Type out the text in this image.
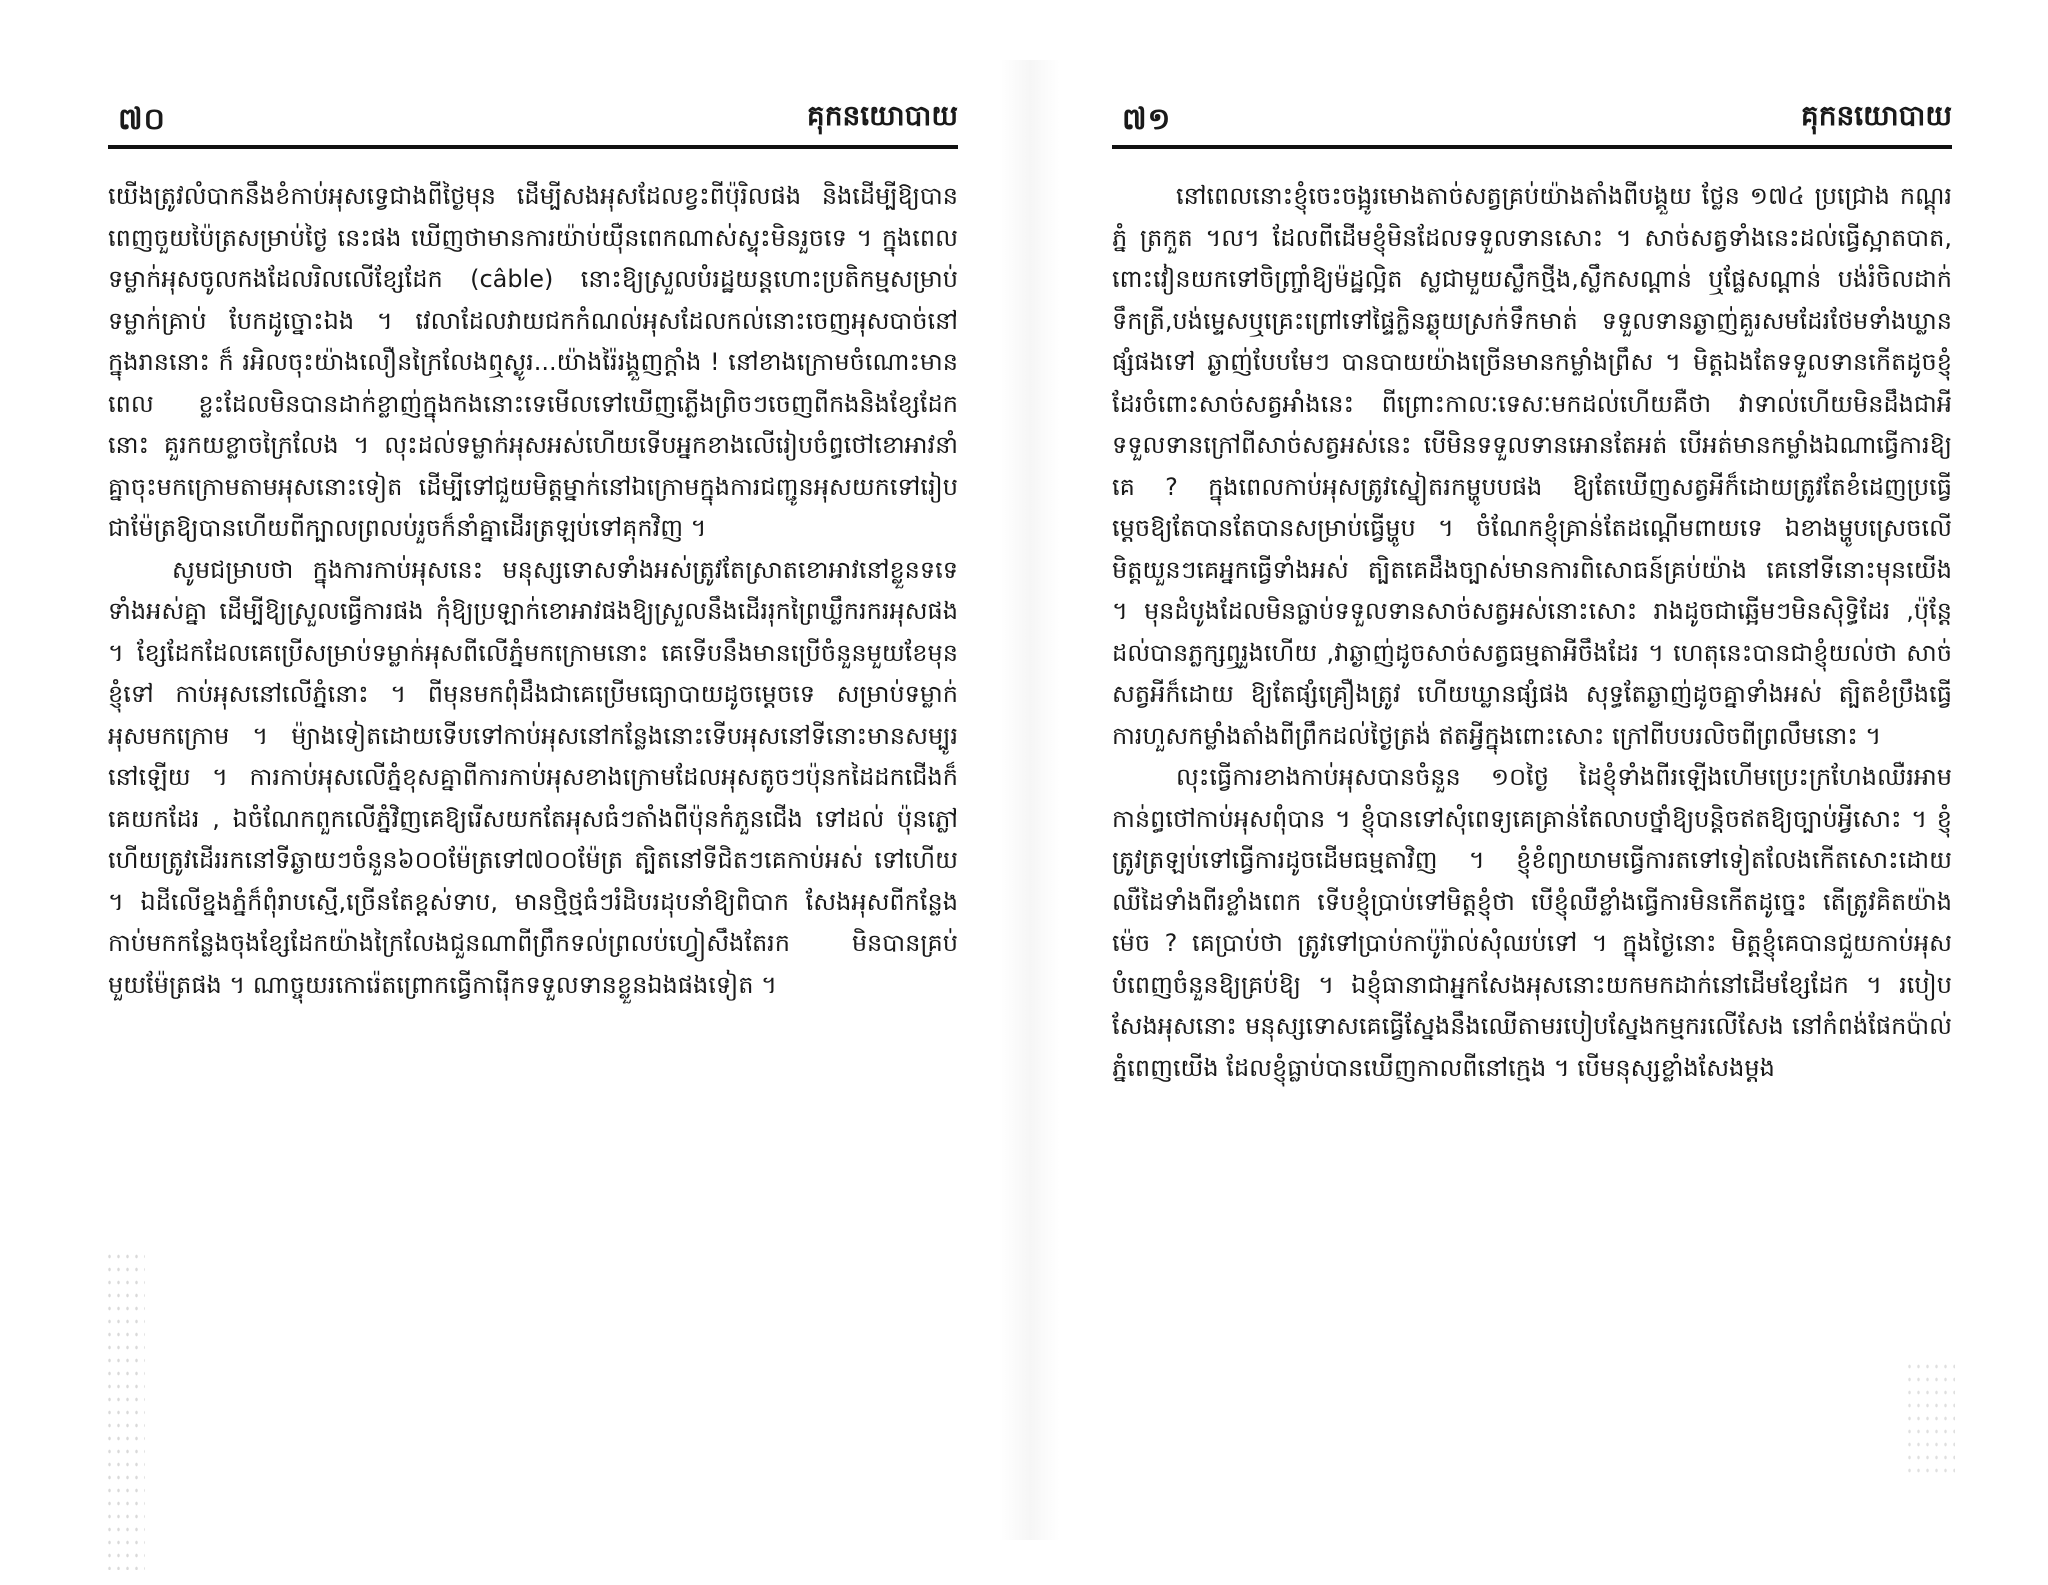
៧០	គុកនយោបាយ

យើងត្រូវលំបាកនឹងខំកាប់អុសទ្វេជាងពីថ្ងៃមុន ដើម្បីសងអុសដែលខ្វះពីប៉ុរិលផង និងដើម្បីឱ្យបានពេញចួយប៉ៃត្រសម្រាប់ថ្ងៃ នេះផង ឃើញថាមានការយ៉ាប់យ៉ឺនពេកណាស់ស្ទុះមិនរួចទេ ។ ក្នុងពេលទម្លាក់អុសចូលកងដែលរិលលើខ្សែដែក (câble) នោះឱ្យស្រួលបំរដ្ឋយន្តហោះប្រតិកម្មសម្រាប់ទម្លាក់គ្រាប់ បែកដូច្នោះឯង ។ វេលាដែលវាយជកកំណល់អុសដែលកល់នោះចេញអុសបាច់នៅក្នុងរាននោះ ក៏ រអិលចុះយ៉ាងលឿនក្រៃលែងឮស្ងូរ...យ៉ាងរ៉ៃរង្គួញក្តាំង ! នៅខាងក្រោមចំណោះមានពេល ខ្លះដែលមិនបានដាក់ខ្លាញ់ក្នុងកងនោះទេមើលទៅឃើញភ្លើងព្រិចៗចេញពីកងនិងខ្សែដែកនោះ គួរកយខ្លាចក្រៃលែង ។ លុះដល់ទម្លាក់អុសអស់ហើយទើបអ្នកខាងលើរៀបចំព្ធថៅខោអាវនាំគ្នាចុះមកក្រោមតាមអុសនោះទៀត ដើម្បីទៅជួយមិត្តម្នាក់នៅឯក្រោមក្នុងការជញ្ជូនអុសយកទៅរៀបជាម៉ែត្រឱ្យបានហើយពីក្បាលព្រលប់រួចក៏នាំគ្នាដើរត្រឡប់ទៅគុកវិញ ។

សូមជម្រាបថា ក្នុងការកាប់អុសនេះ មនុស្សទោសទាំងអស់ត្រូវតែស្រាតខោអាវនៅខ្លួនទទេទាំងអស់គ្នា ដើម្បីឱ្យស្រួលធ្វើការផង កុំឱ្យប្រឡាក់ខោអាវផងឱ្យស្រួលនឹងដើររុកព្រៃឃ្លឹករករអុសផង ។ ខ្សែដែកដែលគេប្រើសម្រាប់ទម្លាក់អុសពីលើភ្នំមកក្រោមនោះ គេទើបនឹងមានប្រើចំនួនមួយខែមុនខ្ញុំទៅ កាប់អុសនៅលើភ្នំនោះ ។ ពីមុនមកពុំដឹងជាគេប្រើមធ្យោបាយដូចម្ដេចទេ សម្រាប់ទម្លាក់អុសមកក្រោម ។ ម៉្យាងទៀតដោយទើបទៅកាប់អុសនៅកន្លែងនោះទើបអុសនៅទីនោះមានសម្បូរនៅឡើយ ។ ការកាប់អុសលើភ្នំខុសគ្នាពីការកាប់អុសខាងក្រោមដែលអុសតូចៗប៉ុនកដៃដកជើងក៏គេយកដែរ , ឯចំណែកពួកលើភ្នំវិញគេឱ្យរើសយកតែអុសធំៗតាំងពីប៉ុនកំភួនជើង ទៅដល់ ប៉ុនភ្លៅហើយត្រូវដើររកនៅទីឆ្ងាយៗចំនួន៦០០ម៉ែត្រទៅ៧០០ម៉ែត្រ ត្បិតនៅទីជិតៗគេកាប់អស់ ទៅហើយ ។ ឯដីលើខ្នងភ្នំក៏ពុំរាបស្មើ,ច្រើនតែខ្ពស់ទាប, មានថ្មិថ្មធំៗរំដិបរដុបនាំឱ្យពិបាក សែងអុសពីកន្លែងកាប់មកកន្លែងចុងខ្សែដែកយ៉ាងក្រៃលែងជួនណាពីព្រឹកទល់ព្រលប់ហ្វៀសឹងតែរក មិនបានគ្រប់មួយម៉ែត្រផង ។ ណាច្ចុយរកោរ៉េតព្រោកធ្វើការ៉ើកទទួលទានខ្លួនឯងផងទៀត ។

៧១	គុកនយោបាយ

នៅពេលនោះខ្ញុំចេះចង្អូរមោងតាច់សត្វគ្រប់យ៉ាងតាំងពីបង្គួយ ថ្លែន ១៧៤ ប្រជ្រោង កណ្ដុរ ភ្នំ ត្រកួត ។ល។ ដែលពីដើមខ្ញុំមិនដែលទទួលទានសោះ ។ សាច់សត្វទាំងនេះដល់ធ្វើស្អាតបាត, ពោះវៀនយកទៅចិញ្ច្រាំឱ្យម៉ដ្ឋល្អិត ស្លជាមួយស្លឹកថ្មីង,ស្លឹកសណ្ដាន់ ឬផ្លែសណ្ដាន់ បង់រំចិលដាក់ទឹកត្រី,បង់ម្ទេសឬគ្រេះព្រៅទៅផ្ទៃក្លិនឆ្ងុយស្រក់ទឹកមាត់ ទទួលទានឆ្ងាញ់គួរសមដែរថែមទាំងឃ្លានផ្សំផងទៅ ឆ្ងាញ់បែបមែៗ បានបាយយ៉ាងច្រើនមានកម្លាំងព្រឹស ។ មិត្តឯងតែទទួលទានកើតដូចខ្ញុំដែរចំពោះសាច់សត្វអាំងនេះ ពីព្រោះកាលៈទេសៈមកដល់ហើយគឺថា វាទាល់ហើយមិនដឹងជាអីទទួលទានក្រៅពីសាច់សត្វអស់នេះ បើមិនទទួលទានអោនតែអត់ បើអត់មានកម្លាំងឯណាធ្វើការឱ្យគេ ? ក្នុងពេលកាប់អុសត្រូវស្នៀតរកម្ហូបបផង ឱ្យតែឃើញសត្វអីក៏ដោយត្រូវតែខំដេញប្រធ្វើម្ដេចឱ្យតែបានតែបានសម្រាប់ធ្វើម្ហូប ។ ចំណែកខ្ញុំគ្រាន់តែដណ្ដើមពាយទេ ឯខាងម្ហូបស្រេចលើមិត្តយួនៗគេអ្នកធ្វើទាំងអស់ ត្បិតគេដឹងច្បាស់មានការពិសោធន៍គ្រប់យ៉ាង គេនៅទីនោះមុនយើង ។ មុនដំបូងដែលមិនធ្លាប់ទទួលទានសាច់សត្វអស់នោះសោះ រាងដូចជាឆ្អើមៗមិនស៊ិទ្ធិដែរ ,ប៉ុន្ដែដល់បានភ្លក្សឮរួងហើយ ,វាឆ្ងាញ់ដូចសាច់សត្វធម្មតាអីចឹងដែរ ។ ហេតុនេះបានជាខ្ញុំយល់ថា សាច់សត្វអីក៏ដោយ ឱ្យតែផ្សំគ្រឿងត្រូវ ហើយឃ្លានផ្សំផង សុទ្ធតែឆ្ងាញ់ដូចគ្នាទាំងអស់ ត្បិតខំប្រឹងធ្វើការហួសកម្លាំងតាំងពីព្រឹកដល់ថ្ងៃត្រង់ ឥតអ្វីក្នុងពោះសោះ ក្រៅពីបបរលិចពីព្រលឹមនោះ ។

លុះធ្វើការខាងកាប់អុសបានចំនួន ១០ថ្ងៃ ដៃខ្ញុំទាំងពីរឡើងហើមប្រេះក្រហែងឈឺរអាមកាន់ព្ធថៅកាប់អុសពុំបាន ។ ខ្ញុំបានទៅសុំពេទ្យគេគ្រាន់តែលាបថ្នាំឱ្យបន្ដិចឥតឱ្យច្បាប់អ្វីសោះ ។ ខ្ញុំត្រូវត្រឡប់ទៅធ្វើការដូចដើមធម្មតាវិញ ។ ខ្ញុំខំព្យាយាមធ្វើការតទៅទៀតលែងកើតសោះដោយឈឺដៃទាំងពីរខ្លាំងពេក ទើបខ្ញុំប្រាប់ទៅមិត្តខ្ញុំថា បើខ្ញុំឈឺខ្លាំងធ្វើការមិនកើតដូច្នេះ តើត្រូវគិតយ៉ាងម៉េច ? គេប្រាប់ថា ត្រូវទៅប្រាប់កាប៉ូរ៉ាល់សុំឈប់ទៅ ។ ក្នុងថ្ងៃនោះ មិត្តខ្ញុំគេបានជួយកាប់អុសបំពេញចំនួនឱ្យគ្រប់ឱ្យ ។ ឯខ្ញុំធានាជាអ្នកសែងអុសនោះយកមកដាក់នៅដើមខ្សែដែក ។ របៀបសែងអុសនោះ មនុស្សទោសគេធ្វើស្នែងនឹងឈើតាមរបៀបស្នែងកម្មករលើសែង នៅកំពង់ផែកប៉ាល់ភ្នំពេញយើង ដែលខ្ញុំធ្លាប់បានឃើញកាលពីនៅក្មេង ។ បើមនុស្សខ្លាំងសែងម្ដង
